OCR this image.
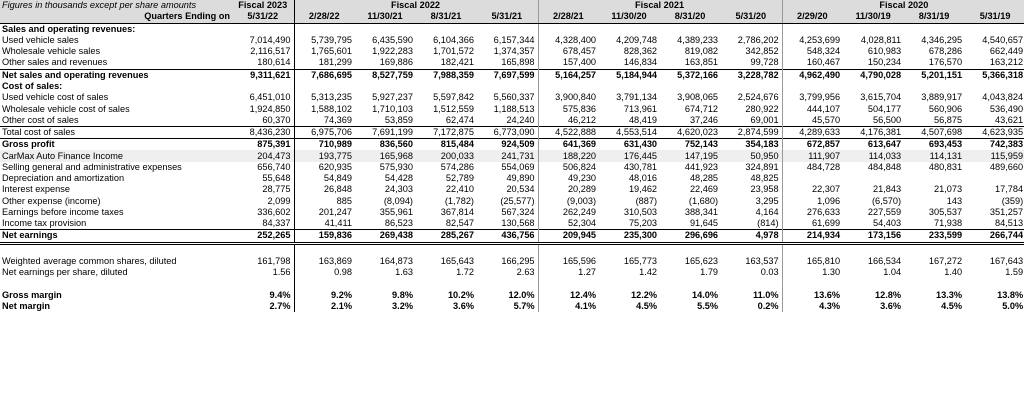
Figures in thousands except per share amounts	Fiscal 2023	Fiscal 2022				Fiscal 2021				Fiscal 2020			
Quarters Ending on	5/31/22	2/28/22	11/30/21	8/31/21	5/31/21	2/28/21	11/30/20	8/31/20	5/31/20	2/29/20	11/30/19	8/31/19	5/31/19
Sales and operating revenues:													
Used vehicle sales	7,014,490	5,739,795	6,435,590	6,104,366	6,157,344	4,328,400	4,209,748	4,389,233	2,786,202	4,253,699	4,028,811	4,346,295	4,540,657
Wholesale vehicle sales	2,116,517	1,765,601	1,922,283	1,701,572	1,374,357	678,457	828,362	819,082	342,852	548,324	610,983	678,286	662,449
Other sales and revenues	180,614	181,299	169,886	182,421	165,898	157,400	146,834	163,851	99,728	160,467	150,234	176,570	163,212
Net sales and operating revenues	9,311,621	7,686,695	8,527,759	7,988,359	7,697,599	5,164,257	5,184,944	5,372,166	3,228,782	4,962,490	4,790,028	5,201,151	5,366,318
Cost of sales:													
Used vehicle cost of sales	6,451,010	5,313,235	5,927,237	5,597,842	5,560,337	3,900,840	3,791,134	3,908,065	2,524,676	3,799,956	3,615,704	3,889,917	4,043,824
Wholesale vehicle cost of sales	1,924,850	1,588,102	1,710,103	1,512,559	1,188,513	575,836	713,961	674,712	280,922	444,107	504,177	560,906	536,490
Other cost of sales	60,370	74,369	53,859	62,474	24,240	46,212	48,419	37,246	69,001	45,570	56,500	56,875	43,621
Total cost of sales	8,436,230	6,975,706	7,691,199	7,172,875	6,773,090	4,522,888	4,553,514	4,620,023	2,874,599	4,289,633	4,176,381	4,507,698	4,623,935
Gross profit	875,391	710,989	836,560	815,484	924,509	641,369	631,430	752,143	354,183	672,857	613,647	693,453	742,383
CarMax Auto Finance Income	204,473	193,775	165,968	200,033	241,731	188,220	176,445	147,195	50,950	111,907	114,033	114,131	115,959
Selling general and administrative expenses	656,740	620,935	575,930	574,286	554,069	506,824	430,781	441,923	324,891	484,728	484,848	480,831	489,660
Depreciation and amortization	55,648	54,849	54,428	52,789	49,890	49,230	48,016	48,285	48,825				
Interest expense	28,775	26,848	24,303	22,410	20,534	20,289	19,462	22,469	23,958	22,307	21,843	21,073	17,784
Other expense (income)	2,099	885	(8,094)	(1,782)	(25,577)	(9,003)	(887)	(1,680)	3,295	1,096	(6,570)	143	(359)
Earnings before income taxes	336,602	201,247	355,961	367,814	567,324	262,249	310,503	388,341	4,164	276,633	227,559	305,537	351,257
Income tax provision	84,337	41,411	86,523	82,547	130,568	52,304	75,203	91,645	(814)	61,699	54,403	71,938	84,513
Net earnings	252,265	159,836	269,438	285,267	436,756	209,945	235,300	296,696	4,978	214,934	173,156	233,599	266,744

Weighted average common shares, diluted	161,798	163,869	164,873	165,643	166,295	165,596	165,773	165,623	163,537	165,810	166,534	167,272	167,643
Net earnings per share, diluted	1.56	0.98	1.63	1.72	2.63	1.27	1.42	1.79	0.03	1.30	1.04	1.40	1.59

Gross margin	9.4%	9.2%	9.8%	10.2%	12.0%	12.4%	12.2%	14.0%	11.0%	13.6%	12.8%	13.3%	13.8%
Net margin	2.7%	2.1%	3.2%	3.6%	5.7%	4.1%	4.5%	5.5%	0.2%	4.3%	3.6%	4.5%	5.0%
